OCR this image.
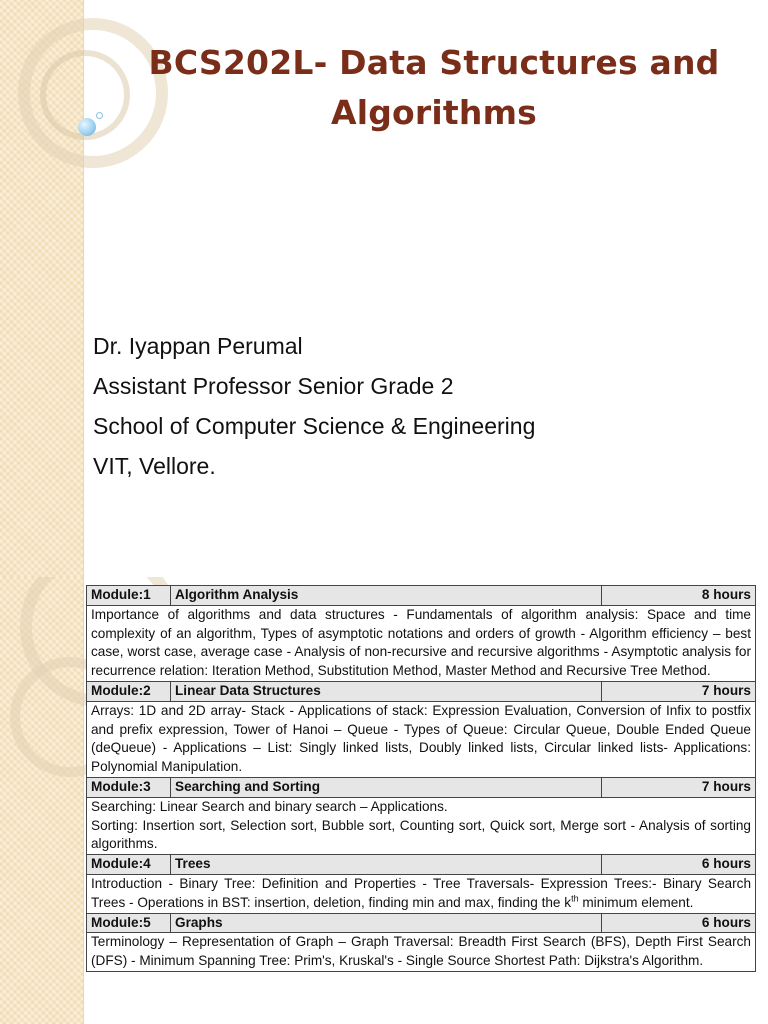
BCS202L- Data Structures and Algorithms
Dr. Iyappan Perumal
Assistant Professor Senior Grade 2
School of Computer Science & Engineering
VIT, Vellore.
Module:1	Algorithm Analysis	8 hours
Importance of algorithms and data structures - Fundamentals of algorithm analysis: Space and time complexity of an algorithm, Types of asymptotic notations and orders of growth - Algorithm efficiency – best case, worst case, average case - Analysis of non-recursive and recursive algorithms - Asymptotic analysis for recurrence relation: Iteration Method, Substitution Method, Master Method and Recursive Tree Method.		
Module:2	Linear Data Structures	7 hours
Arrays: 1D and 2D array- Stack - Applications of stack: Expression Evaluation, Conversion of Infix to postfix and prefix expression, Tower of Hanoi – Queue - Types of Queue: Circular Queue, Double Ended Queue (deQueue) - Applications – List: Singly linked lists, Doubly linked lists, Circular linked lists- Applications: Polynomial Manipulation.		
Module:3	Searching and Sorting	7 hours

Searching: Linear Search and binary search – Applications.
Sorting: Insertion sort, Selection sort, Bubble sort, Counting sort, Quick sort, Merge sort - Analysis of sorting algorithms.		

Module:4	Trees	6 hours
Introduction - Binary Tree: Definition and Properties - Tree Traversals- Expression Trees:- Binary Search Trees - Operations in BST: insertion, deletion, finding min and max, finding the $k^{th}$ minimum element.		
Module:5	Graphs	6 hours
Terminology – Representation of Graph – Graph Traversal: Breadth First Search (BFS), Depth First Search (DFS) - Minimum Spanning Tree: Prim's, Kruskal's - Single Source Shortest Path: Dijkstra's Algorithm.		
